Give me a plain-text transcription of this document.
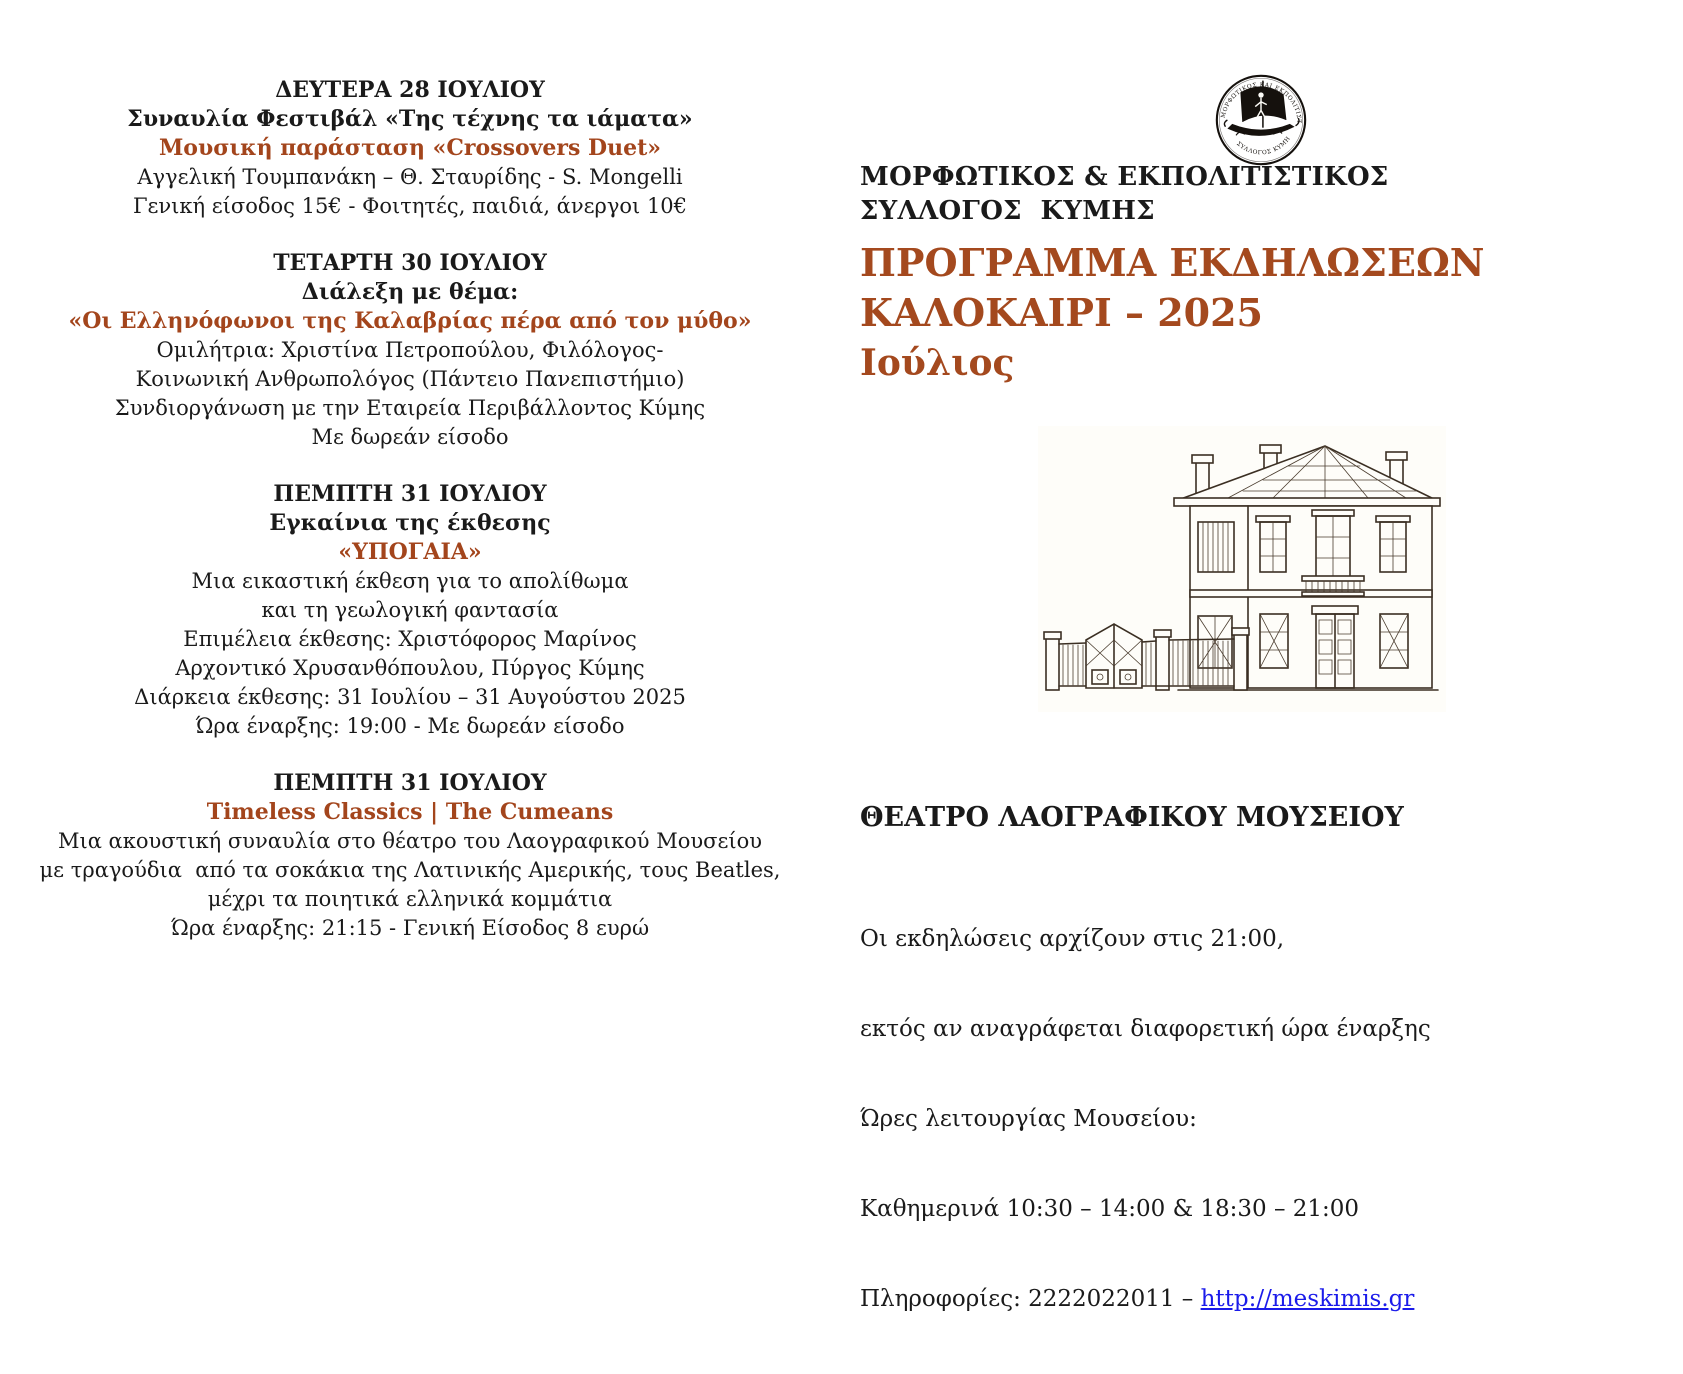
ΔΕΥΤΕΡΑ 28 ΙΟΥΛΙΟΥ
Συναυλία Φεστιβάλ «Της τέχνης τα ιάματα»
Μουσική παράσταση «Crossovers Duet»
Αγγελική Τουμπανάκη – Θ. Σταυρίδης - S. Mongelli
Γενική είσοδος 15€ - Φοιτητές, παιδιά, άνεργοι 10€
ΤΕΤΑΡΤΗ 30 ΙΟΥΛΙΟΥ
Διάλεξη με θέμα:
«Οι Ελληνόφωνοι της Καλαβρίας πέρα από τον μύθο»
Ομιλήτρια: Χριστίνα Πετροπούλου, Φιλόλογος-
Κοινωνική Ανθρωπολόγος (Πάντειο Πανεπιστήμιο)
Συνδιοργάνωση με την Εταιρεία Περιβάλλοντος Κύμης
Με δωρεάν είσοδο
ΠΕΜΠΤΗ 31 ΙΟΥΛΙΟΥ
Εγκαίνια της έκθεσης
«ΥΠΟΓΑΙΑ»
Μια εικαστική έκθεση για το απολίθωμα
και τη γεωλογική φαντασία
Επιμέλεια έκθεσης: Χριστόφορος Μαρίνος
Αρχοντικό Χρυσανθόπουλου, Πύργος Κύμης
Διάρκεια έκθεσης: 31 Ιουλίου – 31 Αυγούστου 2025
Ώρα έναρξης: 19:00 - Με δωρεάν είσοδο
ΠΕΜΠΤΗ 31 ΙΟΥΛΙΟΥ
Timeless Classics | The Cumeans
Μια ακουστική συναυλία στο θέατρο του Λαογραφικού Μουσείου
με τραγούδια  από τα σοκάκια της Λατινικής Αμερικής, τους Beatles,
μέχρι τα ποιητικά ελληνικά κομμάτια
Ώρα έναρξης: 21:15 - Γενική Είσοδος 8 ευρώ
ΜΟΡΦΩΤΙΚΟΣ ΚΑΙ ΕΚΠΟΛΙΤΙΣΤ
ΣΥΛΛΟΓΟΣ ΚΥΜΗ
ΜΟΡΦΩΤΙΚΟΣ & ΕΚΠΟΛΙΤΙΣΤΙΚΟΣ  ΣΥΛΛΟΓΟΣ  ΚΥΜΗΣ
ΠΡΟΓΡΑΜΜΑ ΕΚΔΗΛΩΣΕΩΝ
ΚΑΛΟΚΑΙΡΙ – 2025
Ιούλιος
ΘΕΑΤΡΟ ΛΑΟΓΡΑΦΙΚΟΥ ΜΟΥΣΕΙΟΥ

Οι εκδηλώσεις αρχίζουν στις 21:00,

εκτός αν αναγράφεται διαφορετική ώρα έναρξης

Ώρες λειτουργίας Μουσείου:

Καθημερινά 10:30 – 14:00 & 18:30 – 21:00

Πληροφορίες: 2222022011 – http://meskimis.gr
